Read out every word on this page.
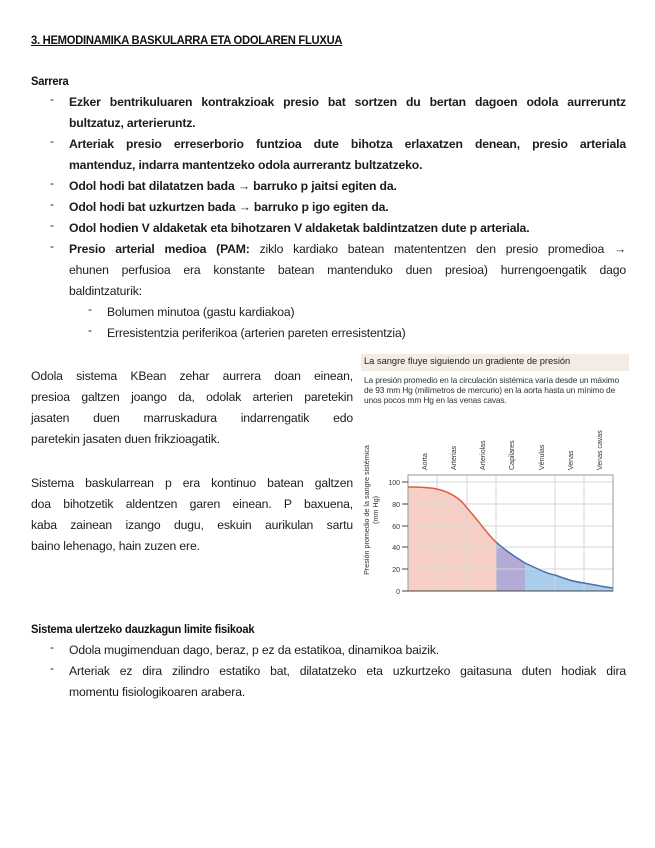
3. HEMODINAMIKA BASKULARRA ETA ODOLAREN FLUXUA
Sarrera
- Ezker bentrikuluaren kontrakzioak presio bat sortzen du bertan dagoen odola aurreruntz
bultzatuz, arterieruntz.
- Arteriak presio erreserborio funtzioa dute bihotza erlaxatzen denean, presio arteriala
mantenduz, indarra mantentzeko odola aurrerantz bultzatzeko.
- Odol hodi bat dilatatzen bada → barruko p jaitsi egiten da.
- Odol hodi bat uzkurtzen bada → barruko p igo egiten da.
- Odol hodien V aldaketak eta bihotzaren V aldaketak baldintzatzen dute p arteriala.
- Presio arterial medioa (PAM: ziklo kardiako batean matententzen den presio promedioa →
ehunen perfusioa era konstante batean mantenduko duen presioa) hurrengoengatik dago
baldintzaturik:
- Bolumen minutoa (gastu kardiakoa)
- Erresistentzia periferikoa (arterien pareten erresistentzia)
Odola sistema KBean zehar aurrera doan einean,
presioa galtzen joango da, odolak arterien paretekin
jasaten duen marruskadura indarrengatik edo
paretekin jasaten duen frikzioagatik.
Sistema baskularrean p era kontinuo batean galtzen
doa bihotzetik aldentzen garen einean. P baxuena,
kaba zainean izango dugu, eskuin aurikulan sartu
baino lehenago, hain zuzen ere.
La sangre fluye siguiendo un gradiente de presión
La presión promedio en la circulación sistémica varía desde un máximo
de 93 mm Hg (milímetros de mercurio) en la aorta hasta un mínimo de
unos pocos mm Hg en las venas cavas.
100
80
60
40
20
0
Presión promedio de la sangre sistémica (mm Hg)
Aorta	Arterias	Arteriolas	Capilares	Vénulas	Venas	Venas cavas
Sistema ulertzeko dauzkagun limite fisikoak
- Odola mugimenduan dago, beraz, p ez da estatikoa, dinamikoa baizik.
- Arteriak ez dira zilindro estatiko bat, dilatatzeko eta uzkurtzeko gaitasuna duten hodiak dira
momentu fisiologikoaren arabera.
